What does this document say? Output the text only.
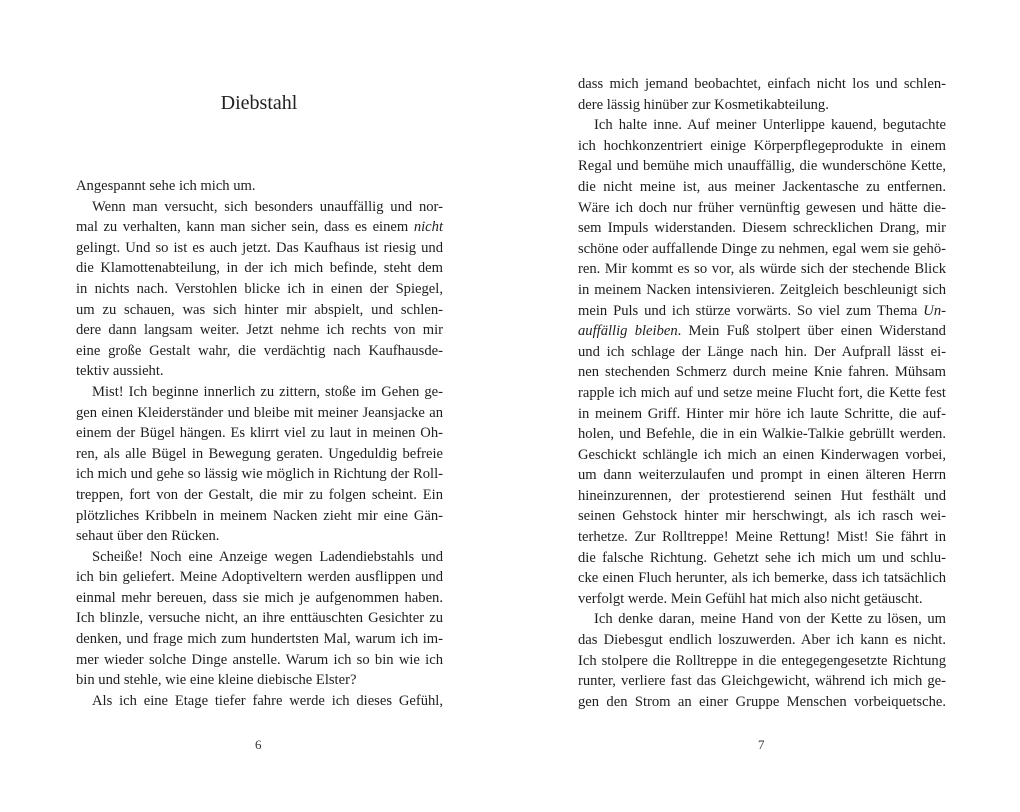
Diebstahl
Angespannt sehe ich mich um.
Wenn man versucht, sich besonders unauffällig und nor-
mal zu verhalten, kann man sicher sein, dass es einem nicht
gelingt. Und so ist es auch jetzt. Das Kaufhaus ist riesig und
die Klamottenabteilung, in der ich mich befinde, steht dem
in nichts nach. Verstohlen blicke ich in einen der Spiegel,
um zu schauen, was sich hinter mir abspielt, und schlen-
dere dann langsam weiter. Jetzt nehme ich rechts von mir
eine große Gestalt wahr, die verdächtig nach Kaufhausde-
tektiv aussieht.
Mist! Ich beginne innerlich zu zittern, stoße im Gehen ge-
gen einen Kleiderständer und bleibe mit meiner Jeansjacke an
einem der Bügel hängen. Es klirrt viel zu laut in meinen Oh-
ren, als alle Bügel in Bewegung geraten. Ungeduldig befreie
ich mich und gehe so lässig wie möglich in Richtung der Roll-
treppen, fort von der Gestalt, die mir zu folgen scheint. Ein
plötzliches Kribbeln in meinem Nacken zieht mir eine Gän-
sehaut über den Rücken.
Scheiße! Noch eine Anzeige wegen Ladendiebstahls und
ich bin geliefert. Meine Adoptiveltern werden ausflippen und
einmal mehr bereuen, dass sie mich je aufgenommen haben.
Ich blinzle, versuche nicht, an ihre enttäuschten Gesichter zu
denken, und frage mich zum hundertsten Mal, warum ich im-
mer wieder solche Dinge anstelle. Warum ich so bin wie ich
bin und stehle, wie eine kleine diebische Elster?
Als ich eine Etage tiefer fahre werde ich dieses Gefühl,
6
dass mich jemand beobachtet, einfach nicht los und schlen-
dere lässig hinüber zur Kosmetikabteilung.
Ich halte inne. Auf meiner Unterlippe kauend, begutachte
ich hochkonzentriert einige Körperpflegeprodukte in einem
Regal und bemühe mich unauffällig, die wunderschöne Kette,
die nicht meine ist, aus meiner Jackentasche zu entfernen.
Wäre ich doch nur früher vernünftig gewesen und hätte die-
sem Impuls widerstanden. Diesem schrecklichen Drang, mir
schöne oder auffallende Dinge zu nehmen, egal wem sie gehö-
ren. Mir kommt es so vor, als würde sich der stechende Blick
in meinem Nacken intensivieren. Zeitgleich beschleunigt sich
mein Puls und ich stürze vorwärts. So viel zum Thema Un-
auffällig bleiben. Mein Fuß stolpert über einen Widerstand
und ich schlage der Länge nach hin. Der Aufprall lässt ei-
nen stechenden Schmerz durch meine Knie fahren. Mühsam
rapple ich mich auf und setze meine Flucht fort, die Kette fest
in meinem Griff. Hinter mir höre ich laute Schritte, die auf-
holen, und Befehle, die in ein Walkie-Talkie gebrüllt werden.
Geschickt schlängle ich mich an einen Kinderwagen vorbei,
um dann weiterzulaufen und prompt in einen älteren Herrn
hineinzurennen, der protestierend seinen Hut festhält und
seinen Gehstock hinter mir herschwingt, als ich rasch wei-
terhetze. Zur Rolltreppe! Meine Rettung! Mist! Sie fährt in
die falsche Richtung. Gehetzt sehe ich mich um und schlu-
cke einen Fluch herunter, als ich bemerke, dass ich tatsächlich
verfolgt werde. Mein Gefühl hat mich also nicht getäuscht.
Ich denke daran, meine Hand von der Kette zu lösen, um
das Diebesgut endlich loszuwerden. Aber ich kann es nicht.
Ich stolpere die Rolltreppe in die entegegengesetzte Richtung
runter, verliere fast das Gleichgewicht, während ich mich ge-
gen den Strom an einer Gruppe Menschen vorbeiquetsche.
7
